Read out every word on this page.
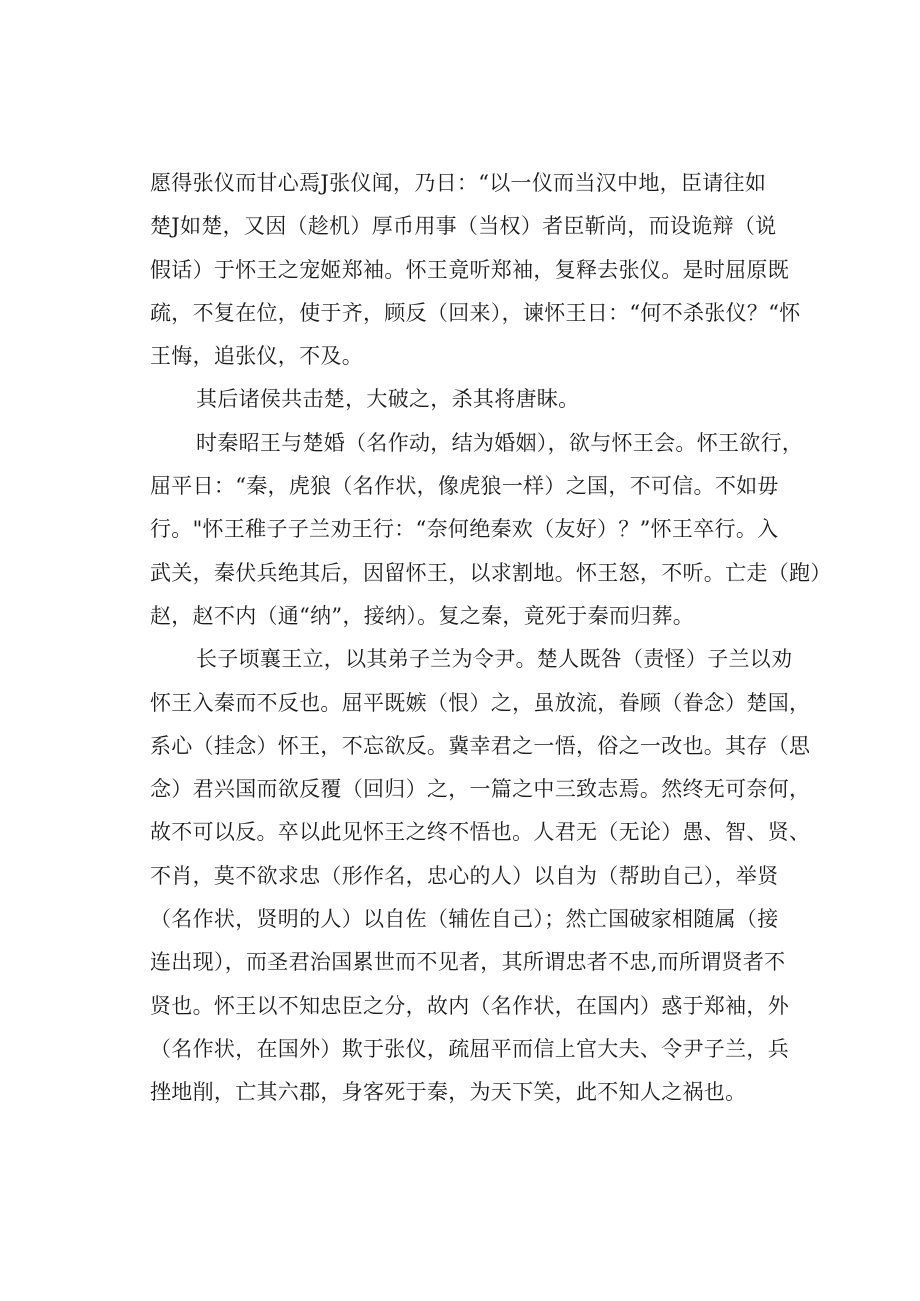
愿得张仪而甘心焉J张仪闻，乃日：“以一仪而当汉中地，臣请往如
楚J如楚，又因（趁机）厚币用事（当权）者臣靳尚，而设诡辩（说
假话）于怀王之宠姬郑袖。怀王竟听郑袖，复释去张仪。是时屈原既
疏，不复在位，使于齐，顾反（回来），谏怀王日：“何不杀张仪？“怀
王悔，追张仪，不及。
其后诸侯共击楚，大破之，杀其将唐眜。
时秦昭王与楚婚（名作动，结为婚姻），欲与怀王会。怀王欲行，
屈平日：“秦，虎狼（名作状，像虎狼一样）之国，不可信。不如毋
行。"怀王稚子子兰劝王行：“奈何绝秦欢（友好）？”怀王卒行。入
武关，秦伏兵绝其后，因留怀王，以求割地。怀王怒，不听。亡走（跑）
赵，赵不内（通“纳”，接纳）。复之秦，竟死于秦而归葬。
长子顷襄王立，以其弟子兰为令尹。楚人既咎（责怪）子兰以劝
怀王入秦而不反也。屈平既嫉（恨）之，虽放流，眷顾（眷念）楚国，
系心（挂念）怀王，不忘欲反。冀幸君之一悟，俗之一改也。其存（思
念）君兴国而欲反覆（回归）之，一篇之中三致志焉。然终无可奈何，
故不可以反。卒以此见怀王之终不悟也。人君无（无论）愚、智、贤、
不肖，莫不欲求忠（形作名，忠心的人）以自为（帮助自己），举贤
（名作状，贤明的人）以自佐（辅佐自己）；然亡国破家相随属（接
连出现），而圣君治国累世而不见者，其所谓忠者不忠,而所谓贤者不
贤也。怀王以不知忠臣之分，故内（名作状，在国内）惑于郑袖，外
（名作状，在国外）欺于张仪，疏屈平而信上官大夫、令尹子兰，兵
挫地削，亡其六郡，身客死于秦，为天下笑，此不知人之祸也。
